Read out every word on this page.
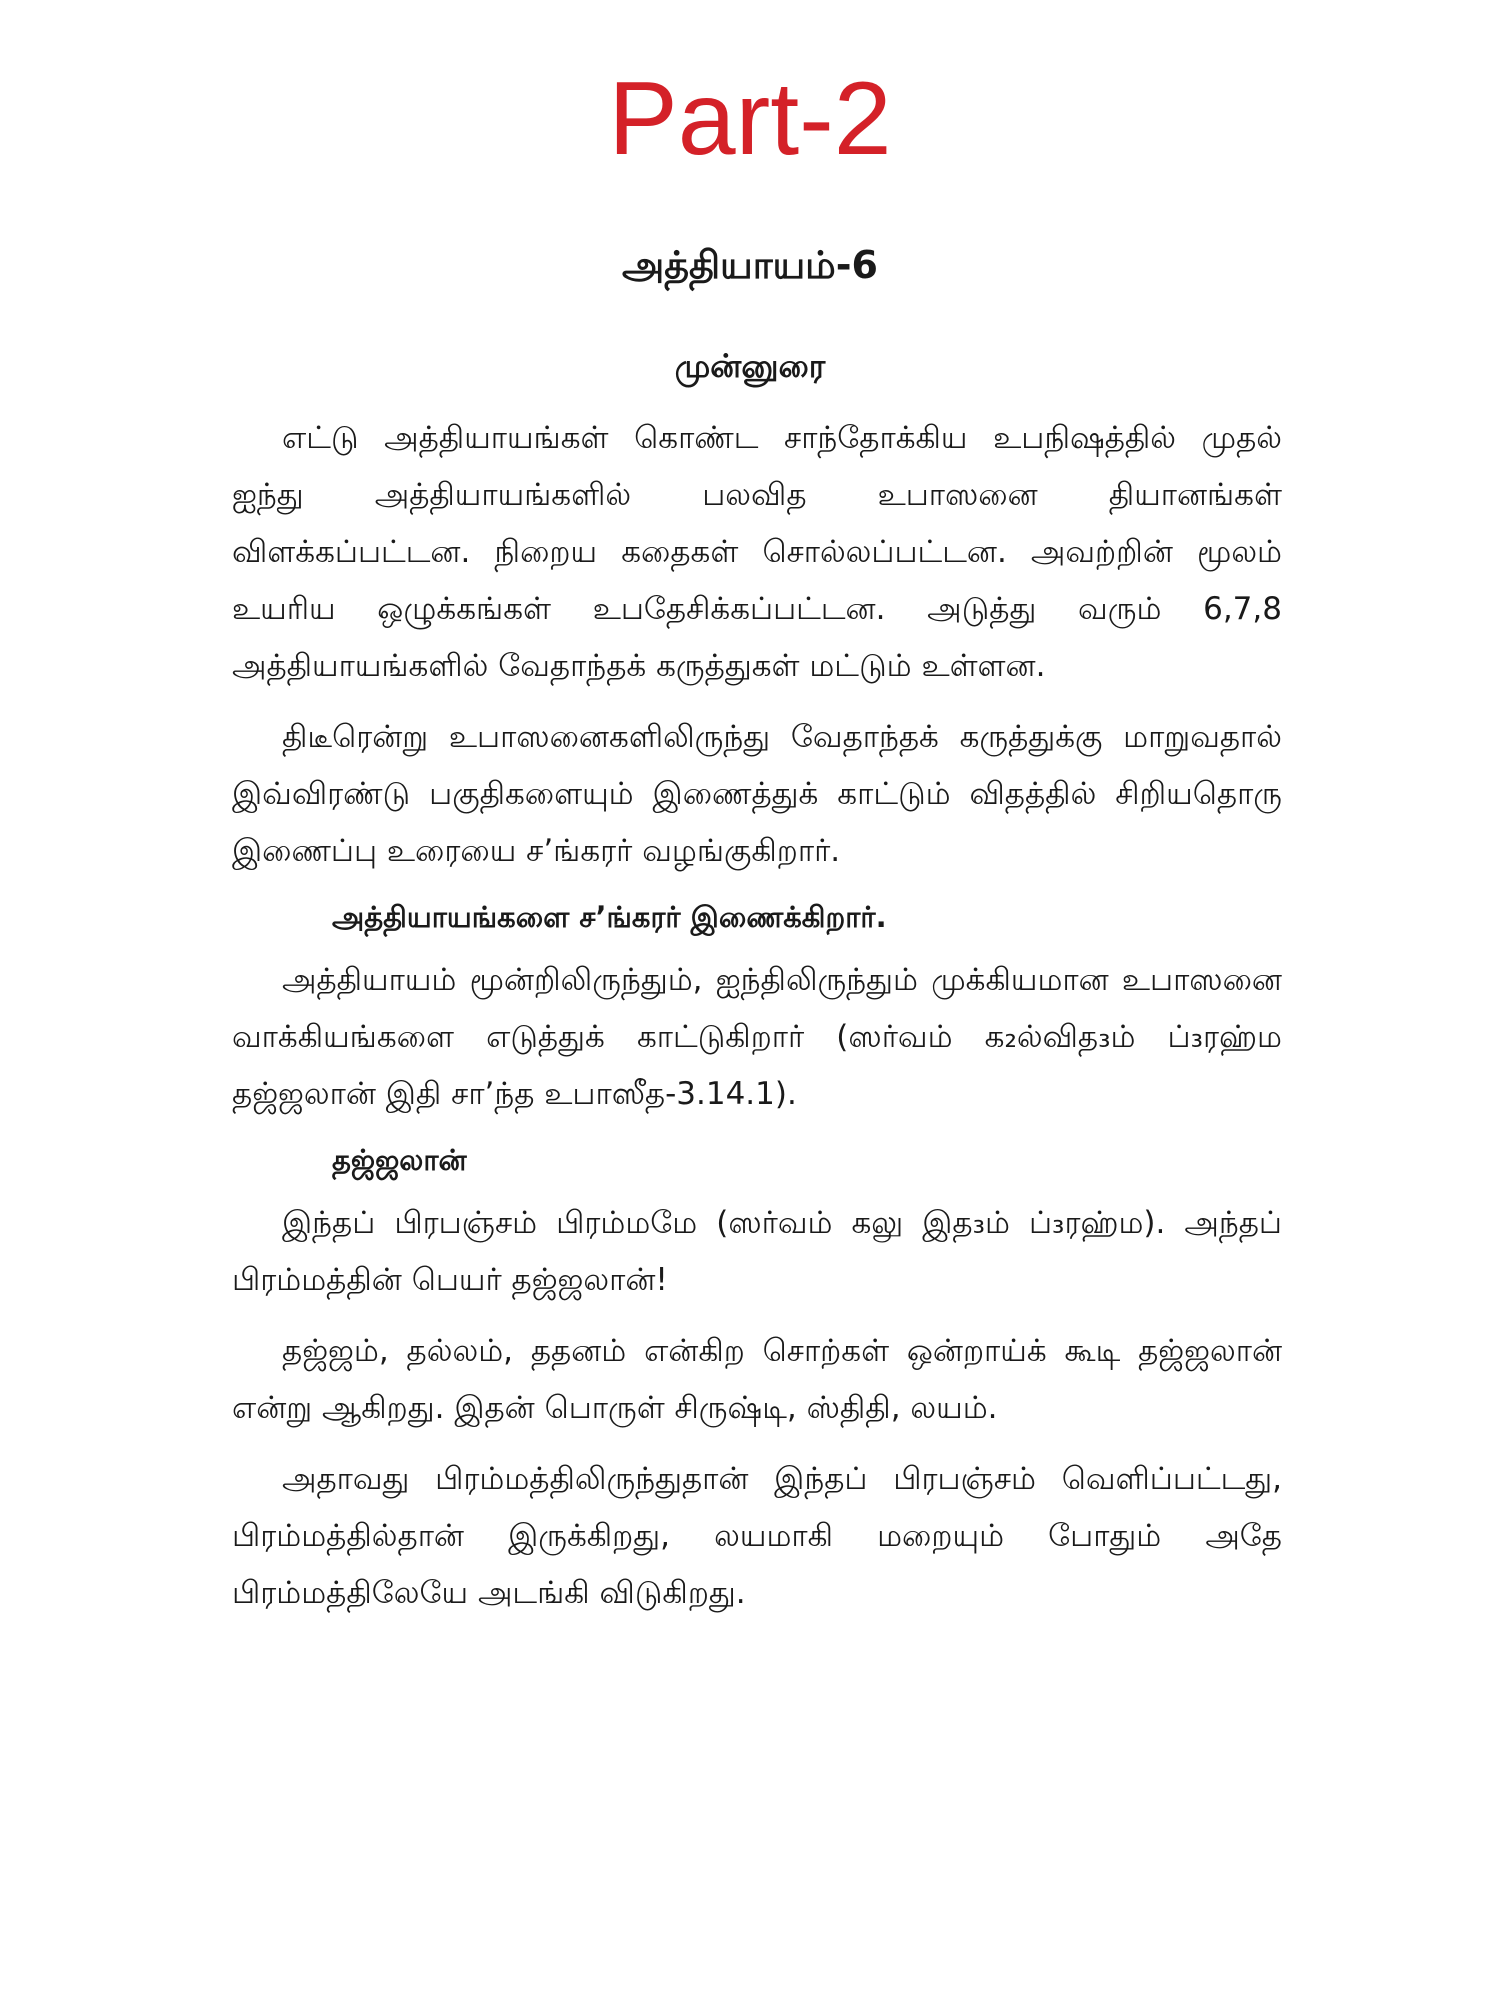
Part-2
அத்தியாயம்-6
முன்னுரை

எட்டு அத்தியாயங்கள் கொண்ட சாந்தோக்கிய உபநிஷத்தில் முதல் ஐந்து அத்தியாயங்களில் பலவித உபாஸனை தியானங்கள் விளக்கப்பட்டன. நிறைய கதைகள் சொல்லப்பட்டன. அவற்றின் மூலம் உயரிய ஒழுக்கங்கள் உபதேசிக்கப்பட்டன. அடுத்து வரும் 6,7,8 அத்தியாயங்களில் வேதாந்தக் கருத்துகள் மட்டும் உள்ளன.

திடீரென்று உபாஸனைகளிலிருந்து வேதாந்தக் கருத்துக்கு மாறுவதால் இவ்விரண்டு பகுதிகளையும் இணைத்துக் காட்டும் விதத்தில் சிறியதொரு இணைப்பு உரையை ச’ங்கரர் வழங்குகிறார்.

அத்தியாயங்களை ச’ங்கரர் இணைக்கிறார்.

அத்தியாயம் மூன்றிலிருந்தும், ஐந்திலிருந்தும் முக்கியமான உபாஸனை வாக்கியங்களை எடுத்துக் காட்டுகிறார் (ஸர்வம் க₂ல்வித₃ம் ப்₃ரஹ்ம தஜ்ஜலான் இதி சா’ந்த உபாஸீத-3.14.1).

தஜ்ஜலான்

இந்தப் பிரபஞ்சம் பிரம்மமே (ஸர்வம் கலு இத₃ம் ப்₃ரஹ்ம). அந்தப் பிரம்மத்தின் பெயர் தஜ்ஜலான்!

தஜ்ஜம், தல்லம், ததனம் என்கிற சொற்கள் ஒன்றாய்க் கூடி தஜ்ஜலான் என்று ஆகிறது. இதன் பொருள் சிருஷ்டி, ஸ்திதி, லயம்.

அதாவது பிரம்மத்திலிருந்துதான் இந்தப் பிரபஞ்சம் வெளிப்பட்டது, பிரம்மத்தில்தான் இருக்கிறது, லயமாகி மறையும் போதும் அதே பிரம்மத்திலேயே அடங்கி விடுகிறது.
